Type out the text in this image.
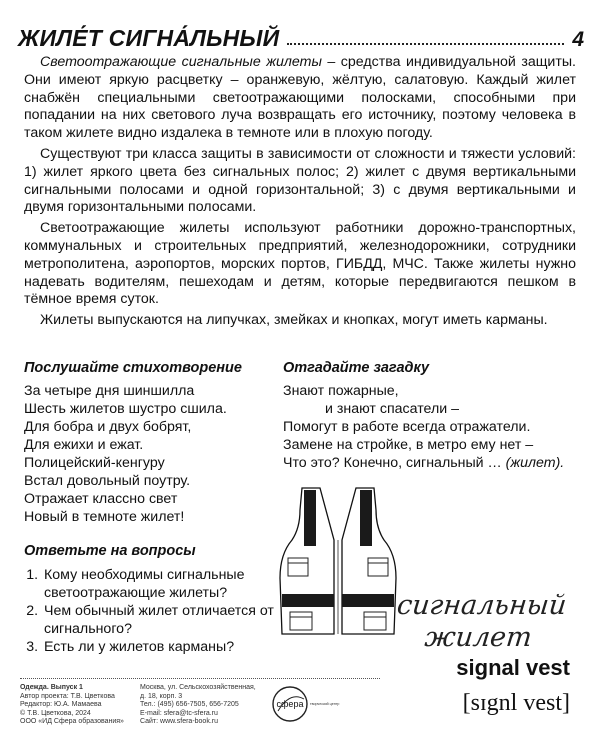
ЖИЛЕ́Т СИГНА́ЛЬНЫЙ	4

Светоотражающие сигнальные жилеты – средства индивидуальной защиты. Они имеют яркую расцветку – оранжевую, жёлтую, салатовую. Каждый жилет снабжён специальными светоотражающими полосками, способными при попадании на них светового луча возвращать его источнику, поэтому человека в таком жилете видно издалека в темноте или в плохую погоду.

Существуют три класса защиты в зависимости от сложности и тяжести условий: 1) жилет яркого цвета без сигнальных полос; 2) жилет с двумя вертикальными сигнальными полосами и одной горизонтальной; 3) с двумя вертикальными и двумя горизонтальными полосами.

Светоотражающие жилеты используют работники дорожно-транспортных, коммунальных и строительных предприятий, железнодорожники, сотрудники метрополитена, аэропортов, морских портов, ГИБДД, МЧС. Также жилеты нужно надевать водителям, пешеходам и детям, которые передвигаются пешком в тёмное время суток.

Жилеты выпускаются на липучках, змейках и кнопках, могут иметь карманы.

Послушайте стихотворение
За четыре дня шиншилла
Шесть жилетов шустро сшила.
Для бобра и двух бобрят,
Для ежихи и ежат.
Полицейский-кенгуру
Встал довольный поутру.
Отражает классно свет
Новый в темноте жилет!
Отгадайте загадку
Знают пожарные,
и знают спасатели –
Помогут в работе всегда отражатели.
Замене на стройке, в метро ему нет –
Что это? Конечно, сигнальный … (жилет).
Ответьте на вопросы
1. Кому необходимы сигнальные светоотражающие жилеты?
2. Чем обычный жилет отличается от сигнального?
3. Есть ли у жилетов карманы?
сигнальный
жилет
signal vest
[sɪgnl vest]
Одежда. Выпуск 1
Автор проекта: Т.В. Цветкова
Редактор: Ю.А. Мамаева
© Т.В. Цветкова, 2024
ООО «ИД Сфера образования»
Москва, ул. Сельскохозяйственная,
д. 18, корп. 3
Тел.: (495) 656-7505, 656-7205
E-mail: sfera@tc-sfera.ru
Сайт: www.sfera-book.ru
сфера творческий центр
